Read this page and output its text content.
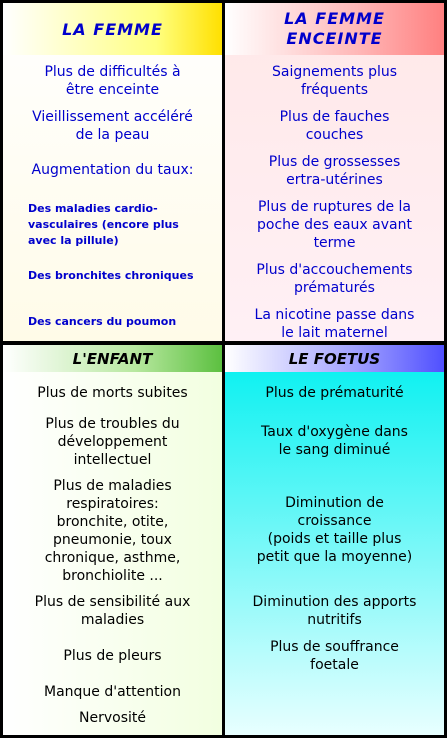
LA FEMME
Plus de difficultés à
être enceinte
Vieillissement accéléré
de la peau
Augmentation du taux:
Des maladies cardio-
vasculaires (encore plus
avec la pillule)
Des bronchites chroniques
Des cancers du poumon
LA FEMME
ENCEINTE
Saignements plus
fréquents
Plus de fauches
couches
Plus de grossesses
ertra-utérines
Plus de ruptures de la
poche des eaux avant
terme
Plus d'accouchements
prématurés
La nicotine passe dans
le lait maternel
L'ENFANT
Plus de morts subites
Plus de troubles du
développement
intellectuel
Plus de maladies
respiratoires:
bronchite, otite,
pneumonie, toux
chronique, asthme,
bronchiolite ...
Plus de sensibilité aux
maladies
Plus de pleurs
Manque d'attention
Nervosité
LE FOETUS
Plus de prématurité
Taux d'oxygène dans
le sang diminué
Diminution de
croissance
(poids et taille plus
petit que la moyenne)
Diminution des apports
nutritifs
Plus de souffrance
foetale
